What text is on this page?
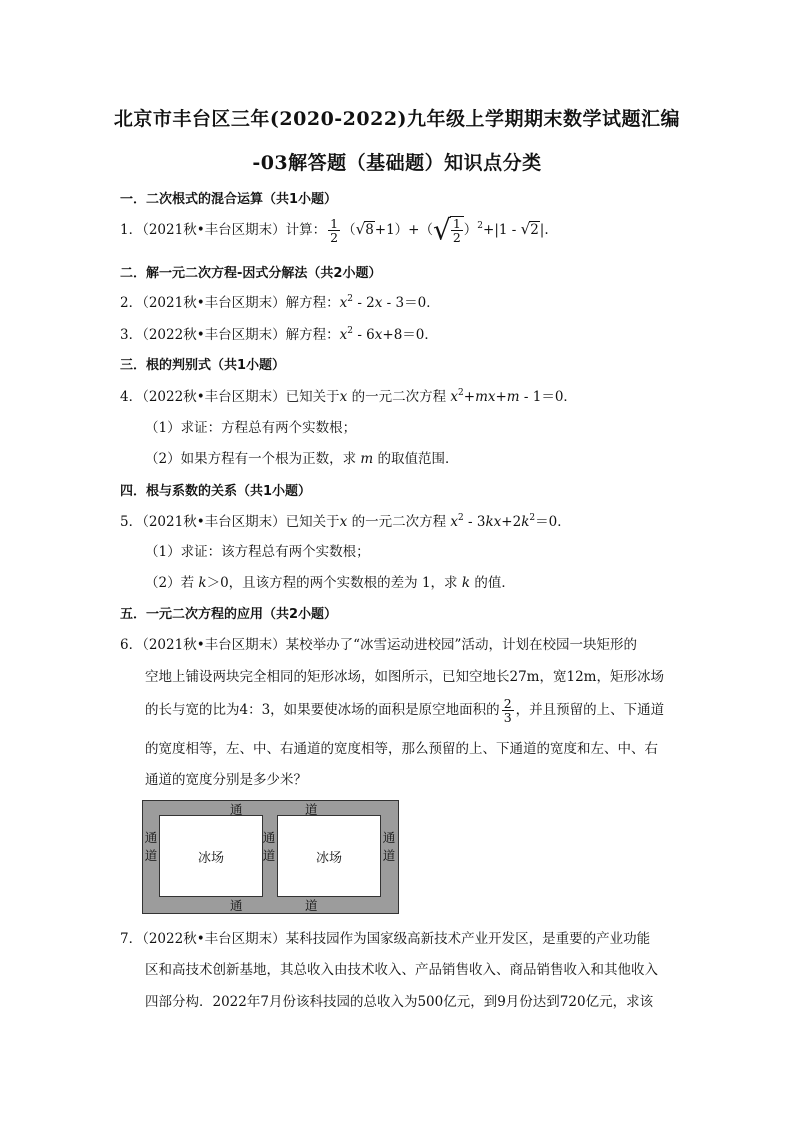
北京市丰台区三年(2020-2022)九年级上学期期末数学试题汇编
-03解答题（基础题）知识点分类
一．二次根式的混合运算（共1小题）
1．（2021秋•丰台区期末）计算： $\frac{1}{2} (√8+1)+(√ \frac{1}{2} )^2+|1 - √2|$.
二．解一元二次方程-因式分解法（共2小题）
2．（2021秋•丰台区期末）解方程：$x^2 - 2x - 3=0$．
3．（2022秋•丰台区期末）解方程：$x^2 - 6x+8=0$．
三．根的判别式（共1小题）
4．（2022秋•丰台区期末）已知关于x 的一元二次方程 $x^2+mx+m - 1=0$．
（1）求证：方程总有两个实数根；
（2）如果方程有一个根为正数，求 m 的取值范围．
四．根与系数的关系（共1小题）
5．（2021秋•丰台区期末）已知关于x 的一元二次方程 $x^2 - 3kx+2k^2=0$．
（1）求证：该方程总有两个实数根；
（2）若 k＞0，且该方程的两个实数根的差为 1，求 k 的值．
五．一元二次方程的应用（共2小题）
6．（2021秋•丰台区期末）某校举办了“冰雪运动进校园”活动，计划在校园一块矩形的
空地上铺设两块完全相同的矩形冰场，如图所示，已知空地长27m，宽12m，矩形冰场
的长与宽的比为4：3，如果要使冰场的面积是原空地面积的 $\frac{2}{3}$ ，并且预留的上、下通道
的宽度相等，左、中、右通道的宽度相等，那么预留的上、下通道的宽度和左、中、右
通道的宽度分别是多少米？
冰场	冰场
通	道
通	道
通
道
通
道
通
道
7．（2022秋•丰台区期末）某科技园作为国家级高新技术产业开发区，是重要的产业功能
区和高技术创新基地，其总收入由技术收入、产品销售收入、商品销售收入和其他收入
四部分构．2022年7月份该科技园的总收入为500亿元，到9月份达到720亿元，求该
